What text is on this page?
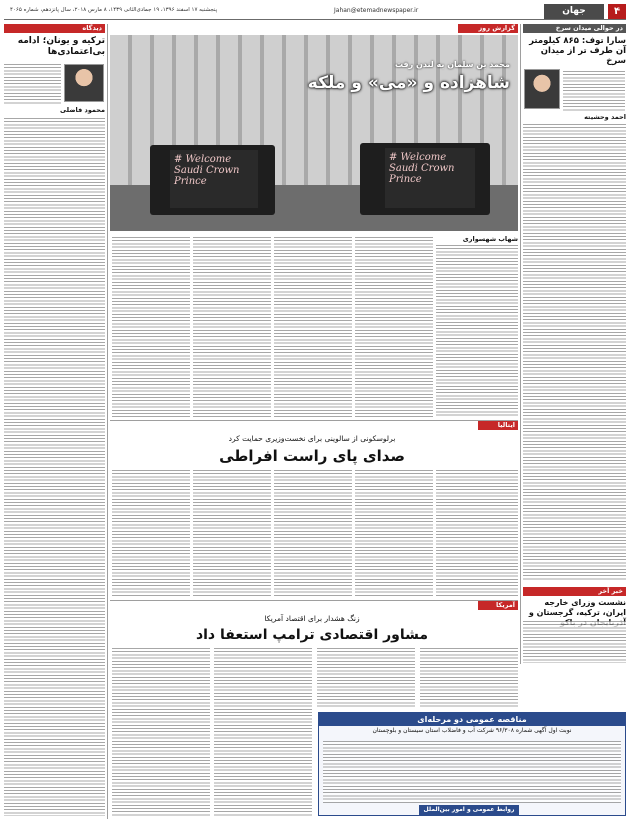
۴
جهان
Jahan@etemadnewspaper.ir
پنجشنبه ۱۷ اسفند ۱۳۹۶، ۱۹ جمادی‌الثانی ۱۴۳۹، ۸ مارس ۲۰۱۸، سال پانزدهم، شماره ۴۰۶۵
در حوالی میدان سرخ
سارا توف: ۸۶۵ کیلومتر آن طرف تر از میدان سرخ
احمد وحشیته
خبر آخر
نشست وزرای خارجه ایران، ترکیه، گرجستان و
دیدگاه
ترکیه و یونان؛ ادامه بی‌اعتمادی‌ها
محمود فاضلی
گزارش روز
# Welcome Saudi Crown Prince
# Welcome Saudi Crown Prince
محمد بن سلمان به لندن رفت
شاهزاده و «می» و ملکه
شهاب شهسواری
ایتالیا
برلوسکونی از سالوینی برای نخست‌وزیری حمایت کرد
صدای پای راست افراطی
آمریکا
زنگ هشدار برای اقتصاد آمریکا
مشاور اقتصادی ترامپ استعفا داد
مناقصه عمومی دو مرحله‌ای
نوبت اول آگهی شماره ۹۶/۳۰۸ شرکت آب و فاضلاب استان سیستان و بلوچستان
روابط عمومی و امور بین‌الملل
